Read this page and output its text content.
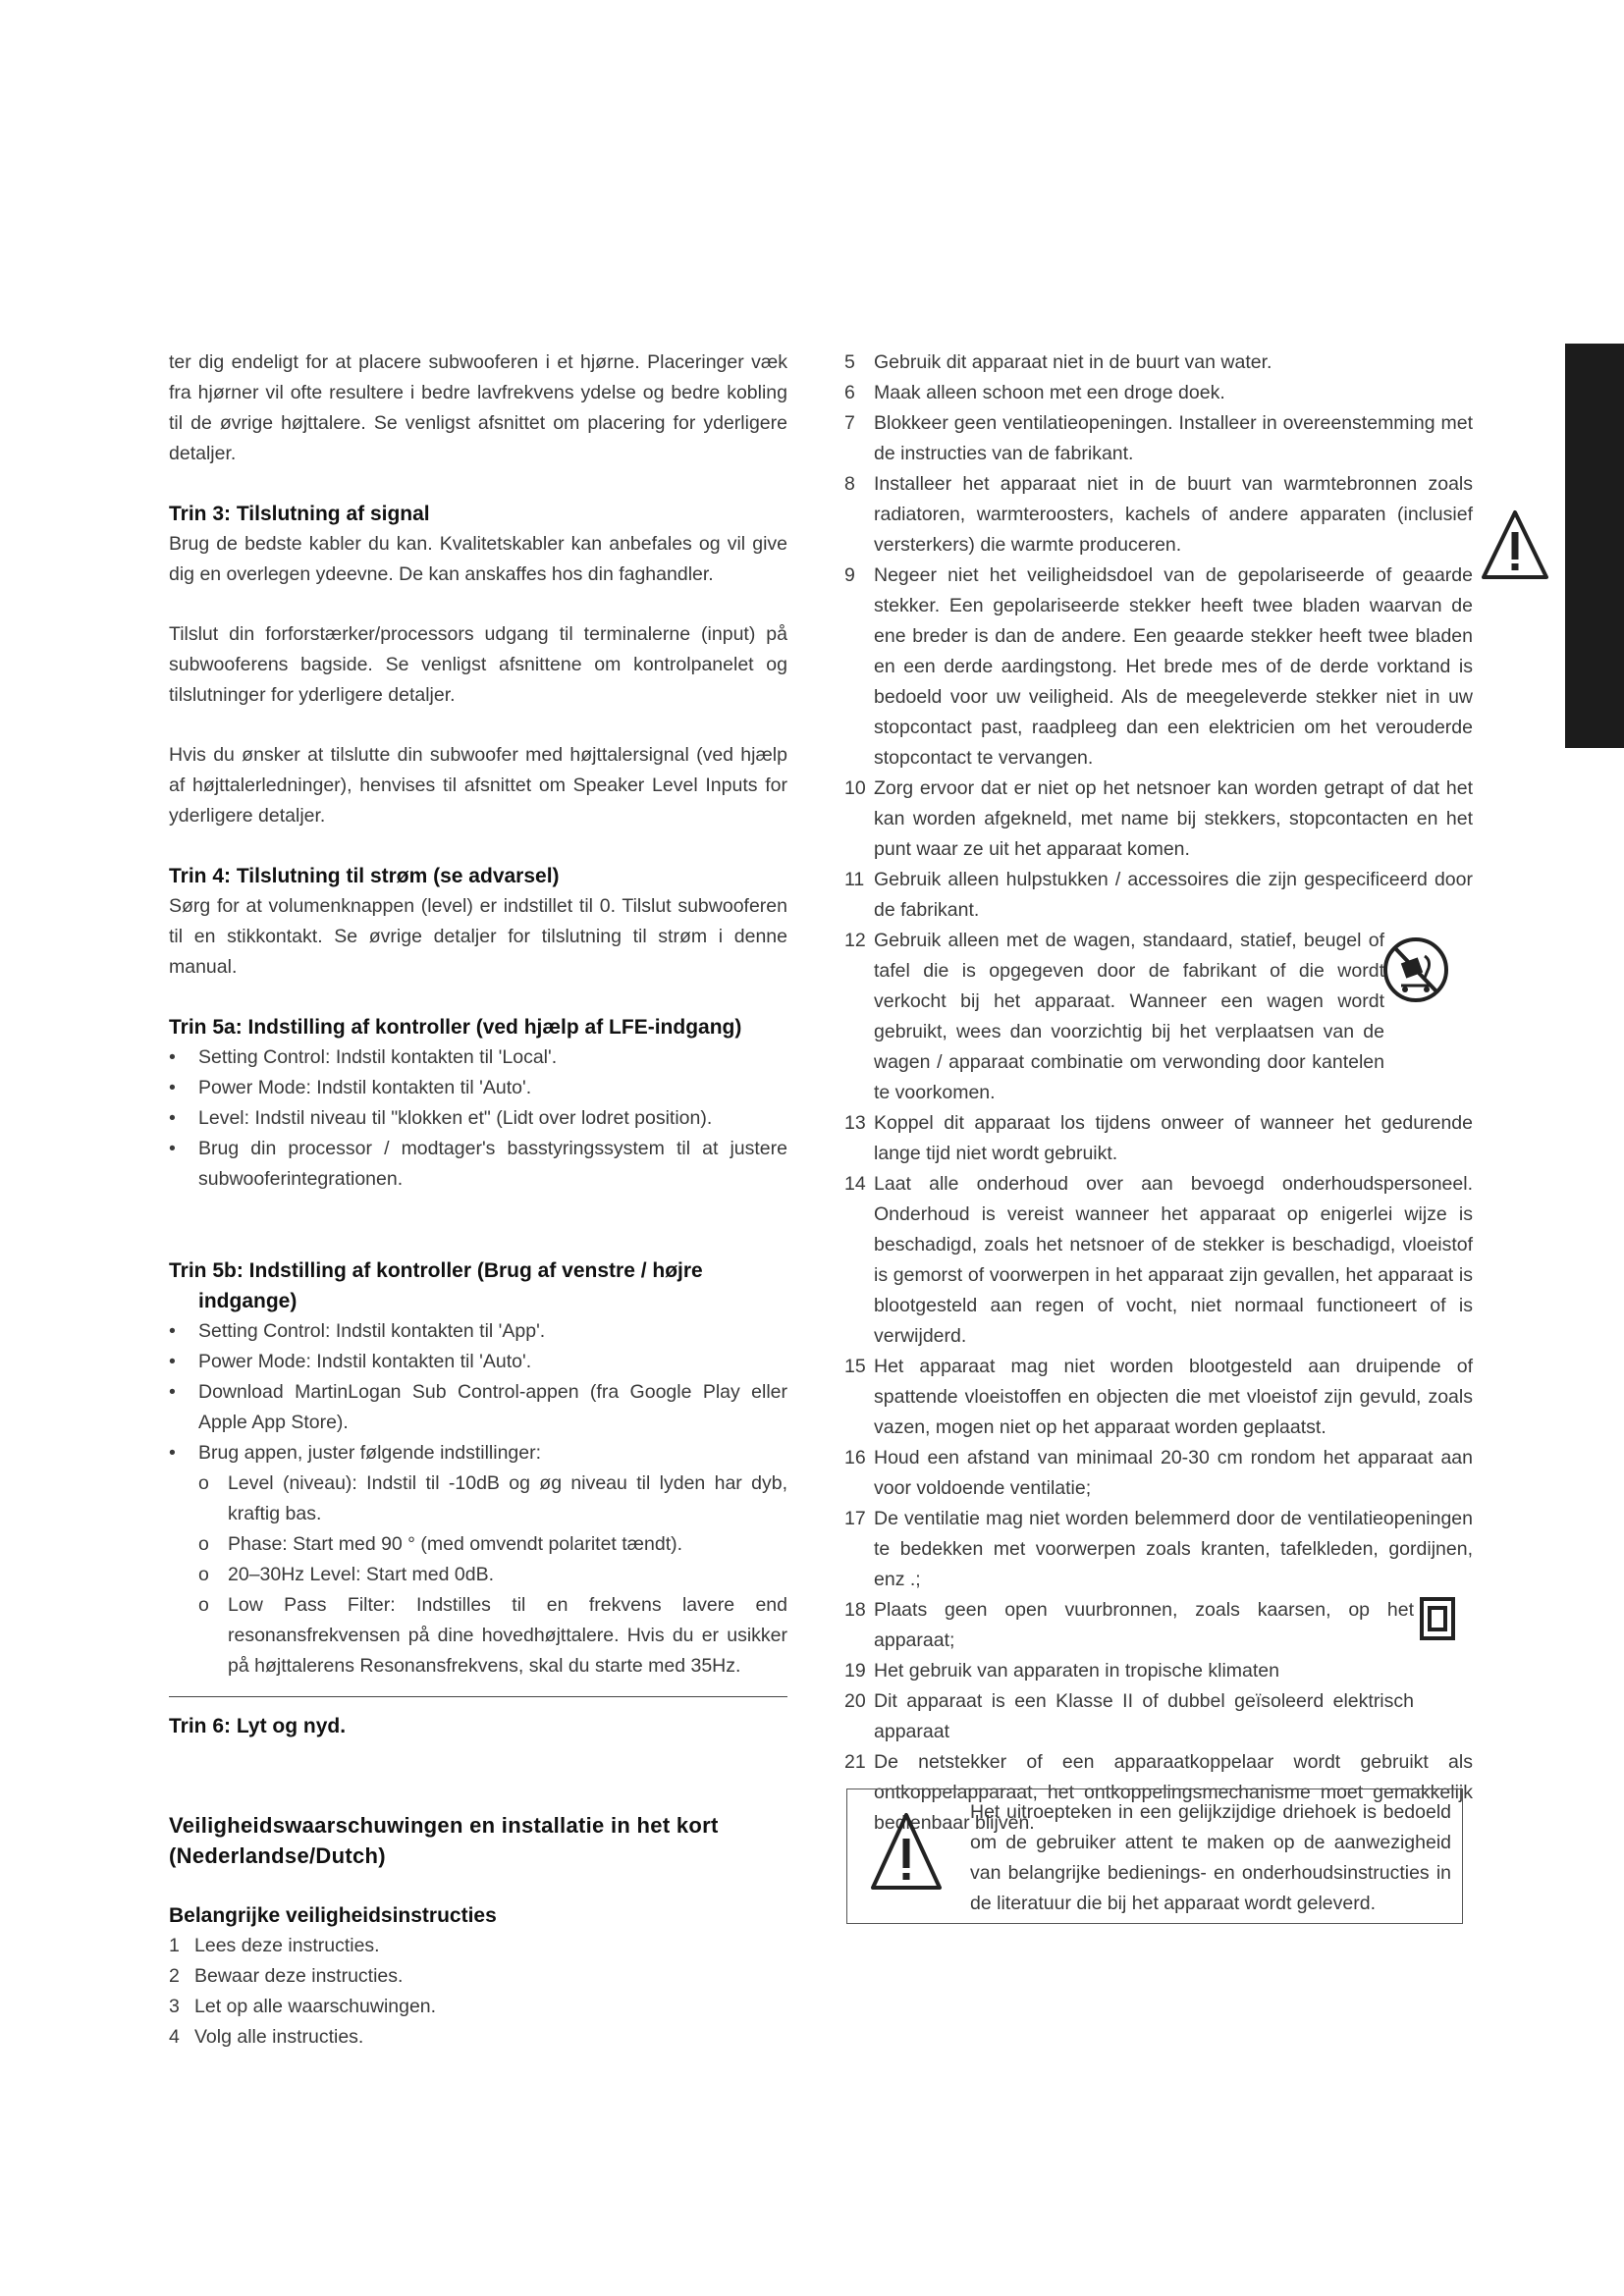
ter dig endeligt for at placere subwooferen i et hjørne. Placeringer væk fra hjørner vil ofte resultere i bedre lavfrekvens ydelse og bedre kobling til de øvrige højttalere. Se venligst afsnittet om placering for yderligere detaljer.

Trin 3: Tilslutning af signal

Brug de bedste kabler du kan. Kvalitetskabler kan anbefales og vil give dig en overlegen ydeevne. De kan anskaffes hos din faghandler.

Tilslut din forforstærker/processors udgang til terminalerne (input) på subwooferens bagside. Se venligst afsnittene om kontrolpanelet og tilslutninger for yderligere detaljer.

Hvis du ønsker at tilslutte din subwoofer med højttalersignal (ved hjælp af højttalerledninger), henvises til afsnittet om Speaker Level Inputs for yderligere detaljer.

Trin 4: Tilslutning til strøm (se advarsel)

Sørg for at volumenknappen (level) er indstillet til 0. Tilslut subwooferen til en stikkontakt. Se øvrige detaljer for tilslutning til strøm i denne manual.

Trin 5a: Indstilling af kontroller (ved hjælp af LFE-indgang)
•	Setting Control: Indstil kontakten til 'Local'.
•	Power Mode: Indstil kontakten til 'Auto'.
•	Level: Indstil niveau til "klokken et" (Lidt over lodret position).
•	Brug din processor / modtager's basstyringssystem til at justere subwooferintegrationen.
Trin 5b: Indstilling af kontroller (Brug af venstre / højre indgange)
•	Setting Control: Indstil kontakten til 'App'.
•	Power Mode: Indstil kontakten til 'Auto'.
•	Download MartinLogan Sub Control-appen (fra Google Play eller Apple App Store).
•	Brug appen, juster følgende indstillinger:
o Level (niveau): Indstil til -10dB og øg niveau til lyden har dyb, kraftig bas.
o Phase: Start med 90 ° (med omvendt polaritet tændt).
o 20–30Hz Level: Start med 0dB.
o Low Pass Filter: Indstilles til en frekvens lavere end resonansfrekvensen på dine hovedhøjttalere. Hvis du er usikker på højttalerens Resonansfrekvens, skal du starte med 35Hz.
Trin 6: Lyt og nyd.
Veiligheidswaarschuwingen en installatie in het kort (Nederlandse/Dutch)
Belangrijke veiligheidsinstructies
1 Lees deze instructies.
2 Bewaar deze instructies.
3 Let op alle waarschuwingen.
4 Volg alle instructies.
5 Gebruik dit apparaat niet in de buurt van water.
6 Maak alleen schoon met een droge doek.
7 Blokkeer geen ventilatieopeningen. Installeer in overeenstemming met de instructies van de fabrikant.
8 Installeer het apparaat niet in de buurt van warmtebronnen zoals radiatoren, warmteroosters, kachels of andere apparaten (inclusief versterkers) die warmte produceren.
9 Negeer niet het veiligheidsdoel van de gepolariseerde of geaarde stekker. Een gepolariseerde stekker heeft twee bladen waarvan de ene breder is dan de andere. Een geaarde stekker heeft twee bladen en een derde aardingstong. Het brede mes of de derde vorktand is bedoeld voor uw veiligheid. Als de meegeleverde stekker niet in uw stopcontact past, raadpleeg dan een elektricien om het verouderde stopcontact te vervangen.
10 Zorg ervoor dat er niet op het netsnoer kan worden getrapt of dat het kan worden afgekneld, met name bij stekkers, stopcontacten en het punt waar ze uit het apparaat komen.
11 Gebruik alleen hulpstukken / accessoires die zijn gespecificeerd door de fabrikant.
12 Gebruik alleen met de wagen, standaard, statief, beugel of tafel die is opgegeven door de fabrikant of die wordt verkocht bij het apparaat. Wanneer een wagen wordt gebruikt, wees dan voorzichtig bij het verplaatsen van de wagen / apparaat combinatie om verwonding door kantelen te voorkomen.
13 Koppel dit apparaat los tijdens onweer of wanneer het gedurende lange tijd niet wordt gebruikt.
14 Laat alle onderhoud over aan bevoegd onderhoudspersoneel. Onderhoud is vereist wanneer het apparaat op enigerlei wijze is beschadigd, zoals het netsnoer of de stekker is beschadigd, vloeistof is gemorst of voorwerpen in het apparaat zijn gevallen, het apparaat is blootgesteld aan regen of vocht, niet normaal functioneert of is verwijderd.
15 Het apparaat mag niet worden blootgesteld aan druipende of spattende vloeistoffen en objecten die met vloeistof zijn gevuld, zoals vazen, mogen niet op het apparaat worden geplaatst.
16 Houd een afstand van minimaal 20-30 cm rondom het apparaat aan voor voldoende ventilatie;
17 De ventilatie mag niet worden belemmerd door de ventilatieopeningen te bedekken met voorwerpen zoals kranten, tafelkleden, gordijnen, enz .;
18 Plaats geen open vuurbronnen, zoals kaarsen, op het apparaat;
19 Het gebruik van apparaten in tropische klimaten
20 Dit apparaat is een Klasse II of dubbel geïsoleerd elektrisch apparaat
21 De netstekker of een apparaatkoppelaar wordt gebruikt als ontkoppelapparaat, het ontkoppelingsmechanisme moet gemakkelijk bedienbaar blijven.
Het uitroepteken in een gelijkzijdige driehoek is bedoeld om de gebruiker attent te maken op de aanwezigheid van belangrijke bedienings- en onderhoudsinstructies in de literatuur die bij het apparaat wordt geleverd.
